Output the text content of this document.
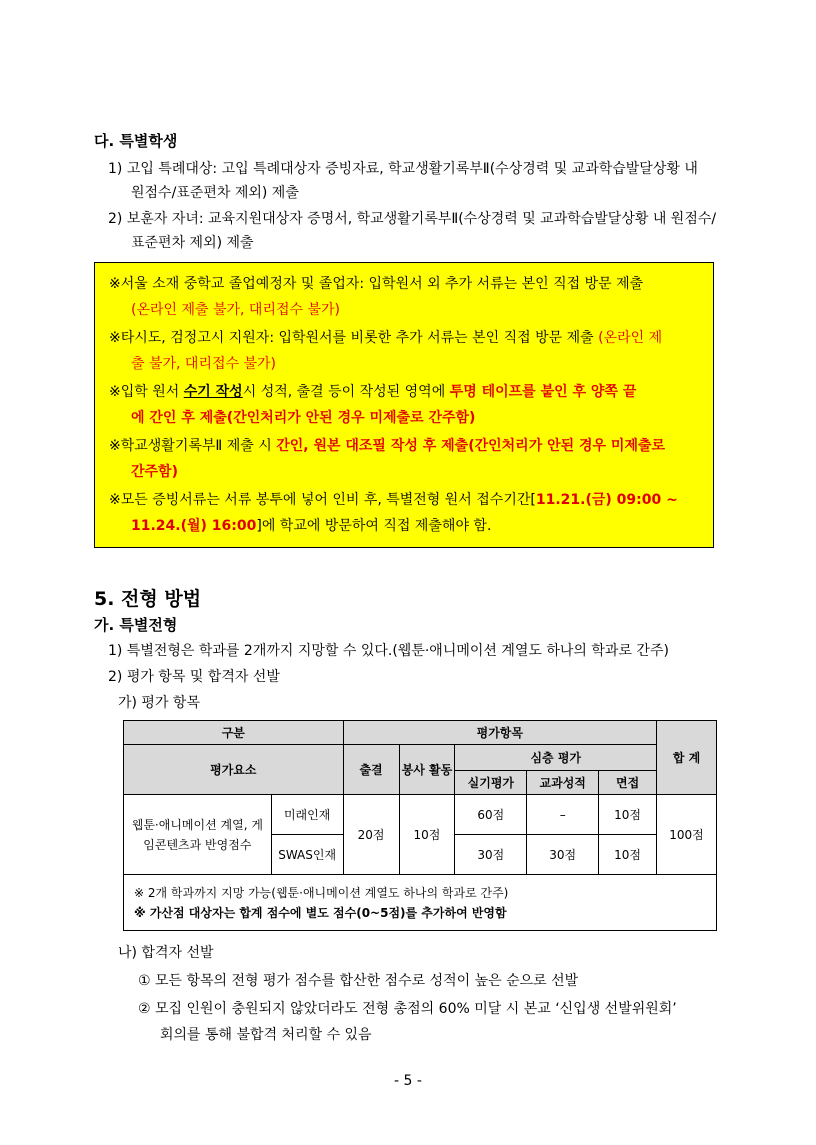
다. 특별학생
1) 고입 특례대상: 고입 특례대상자 증빙자료, 학교생활기록부Ⅱ(수상경력 및 교과학습발달상황 내
원점수/표준편차 제외) 제출
2) 보훈자 자녀: 교육지원대상자 증명서, 학교생활기록부Ⅱ(수상경력 및 교과학습발달상황 내 원점수/
표준편차 제외) 제출
※서울 소재 중학교 졸업예정자 및 졸업자: 입학원서 외 추가 서류는 본인 직접 방문 제출
(온라인 제출 불가, 대리접수 불가)
※타시도, 검정고시 지원자: 입학원서를 비롯한 추가 서류는 본인 직접 방문 제출 (온라인 제
출 불가, 대리접수 불가)
※입학 원서 수기 작성시 성적, 출결 등이 작성된 영역에 투명 테이프를 붙인 후 양쪽 끝
에 간인 후 제출(간인처리가 안된 경우 미제출로 간주함)
※학교생활기록부Ⅱ 제출 시 간인, 원본 대조필 작성 후 제출(간인처리가 안된 경우 미제출로
간주함)
※모든 증빙서류는 서류 봉투에 넣어 인비 후, 특별전형 원서 접수기간[11.21.(금) 09:00 ~
11.24.(월) 16:00]에 학교에 방문하여 직접 제출해야 함.
5. 전형 방법
가. 특별전형
1) 특별전형은 학과를 2개까지 지망할 수 있다.(웹툰·애니메이션 계열도 하나의 학과로 간주)
2) 평가 항목 및 합격자 선발
가) 평가 항목
구분		평가항목					합 계
평가요소		출결	봉사 활동	심층 평가			
				실기평가	교과성적	면접	
웹툰·애니메이션 계열, 게임콘텐츠과 반영점수	미래인재	20점	10점	60점	–	10점	100점
	SWAS인재			30점	30점	10점	

※ 2개 학과까지 지망 가능(웹툰·애니메이션 계열도 하나의 학과로 간주)
※ 가산점 대상자는 합계 점수에 별도 점수(0~5점)를 추가하여 반영함							
나) 합격자 선발
① 모든 항목의 전형 평가 점수를 합산한 점수로 성적이 높은 순으로 선발
② 모집 인원이 충원되지 않았더라도 전형 총점의 60% 미달 시 본교 ‘신입생 선발위원회’
회의를 통해 불합격 처리할 수 있음
- 5 -
